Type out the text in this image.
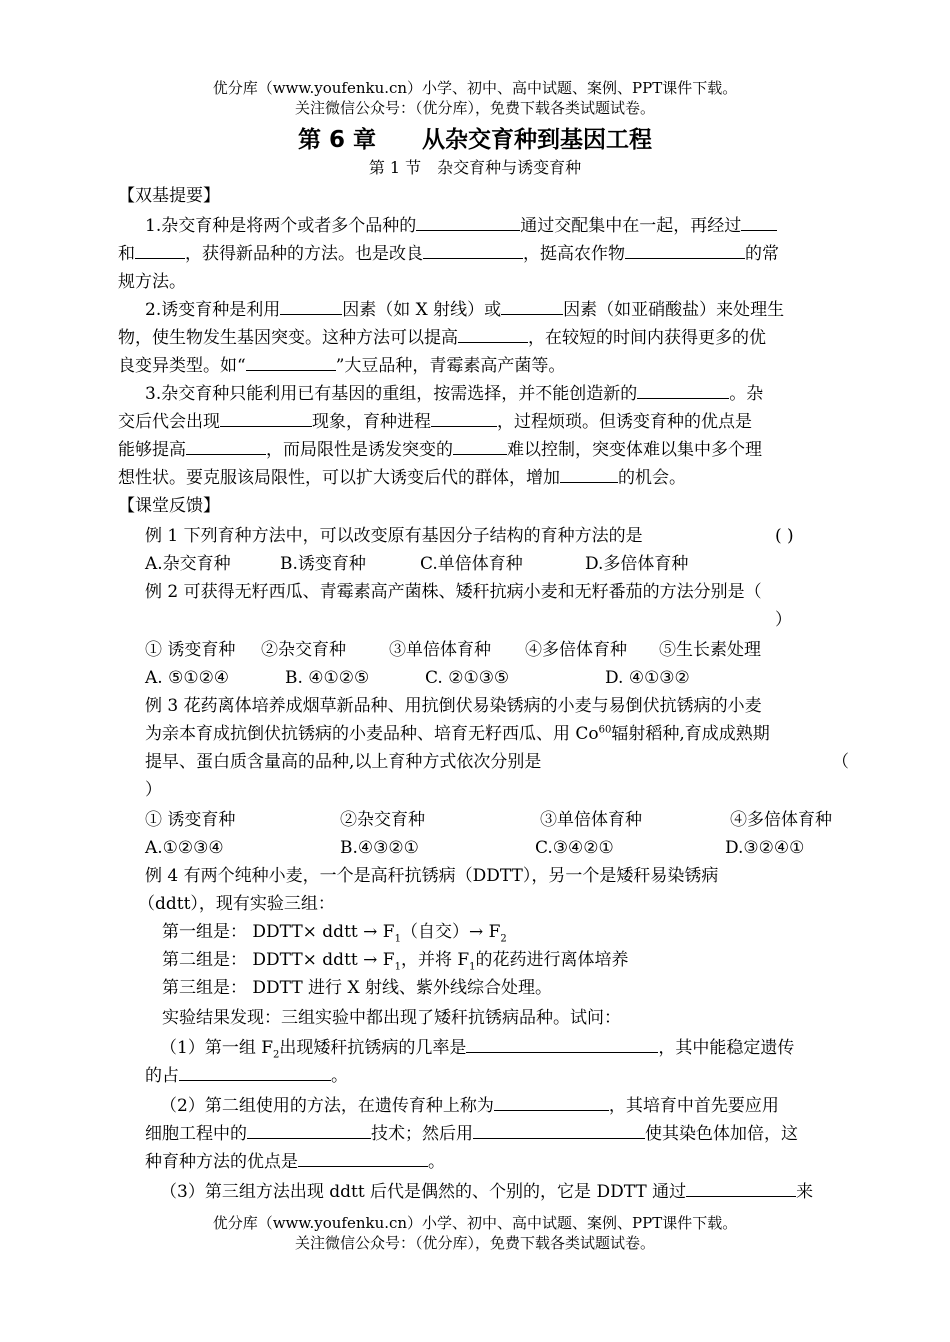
优分库（www.youfenku.cn）小学、初中、高中试题、案例、PPT课件下载。
关注微信公众号：（优分库），免费下载各类试题试卷。
第 6 章　　从杂交育种到基因工程
第 1 节　杂交育种与诱变育种
【双基提要】
1.杂交育种是将两个或者多个品种的	通过交配集中在一起，再经过
和	，获得新品种的方法。也是改良	，挺高农作物	的常
规方法。
2.诱变育种是利用	因素（如 X 射线）或	因素（如亚硝酸盐）来处理生
物，使生物发生基因突变。这种方法可以提高	，在较短的时间内获得更多的优
良变异类型。如“	”大豆品种，青霉素高产菌等。
3.杂交育种只能利用已有基因的重组，按需选择，并不能创造新的	。杂
交后代会出现	现象，育种进程	，过程烦琐。但诱变育种的优点是
能够提高	，而局限性是诱发突变的	难以控制，突变体难以集中多个理
想性状。要克服该局限性，可以扩大诱变后代的群体，增加	的机会。
【课堂反馈】
例 1 下列育种方法中，可以改变原有基因分子结构的育种方法的是	( )
A.杂交育种	B.诱变育种	C.单倍体育种	D.多倍体育种
例 2 可获得无籽西瓜、青霉素高产菌株、矮秆抗病小麦和无籽番茄的方法分别是（
）
① 诱变育种 ②杂交育种	③单倍体育种 ④多倍体育种 ⑤生长素处理
A. ⑤①②④	B. ④①②⑤	C. ②①③⑤	D. ④①③②
例 3 花药离体培养成烟草新品种、用抗倒伏易染锈病的小麦与易倒伏抗锈病的小麦
为亲本育成抗倒伏抗锈病的小麦品种、培育无籽西瓜、用 Co$^{60}$辐射稻种,育成成熟期
提早、蛋白质含量高的品种,以上育种方式依次分别是	（
）
① 诱变育种	②杂交育种	③单倍体育种	④多倍体育种
A.①②③④	B.④③②①	C.③④②①	D.③②④①
例 4 有两个纯种小麦，一个是高秆抗锈病（DDTT），另一个是矮秆易染锈病
（ddtt），现有实验三组：
第一组是： DDTT× ddtt → $F_1$（自交）→ $F_2$
第二组是： DDTT× ddtt → $F_1$，并将 $F_1$的花药进行离体培养
第三组是： DDTT 进行 X 射线、紫外线综合处理。
实验结果发现：三组实验中都出现了矮秆抗锈病品种。试问：
（1）第一组 $F_2$出现矮秆抗锈病的几率是	，其中能稳定遗传
的占	。
（2）第二组使用的方法，在遗传育种上称为	，其培育中首先要应用
细胞工程中的	技术；然后用	使其染色体加倍，这
种育种方法的优点是	。
（3）第三组方法出现 ddtt 后代是偶然的、个别的，它是 DDTT 通过	来
优分库（www.youfenku.cn）小学、初中、高中试题、案例、PPT课件下载。
关注微信公众号：（优分库），免费下载各类试题试卷。
